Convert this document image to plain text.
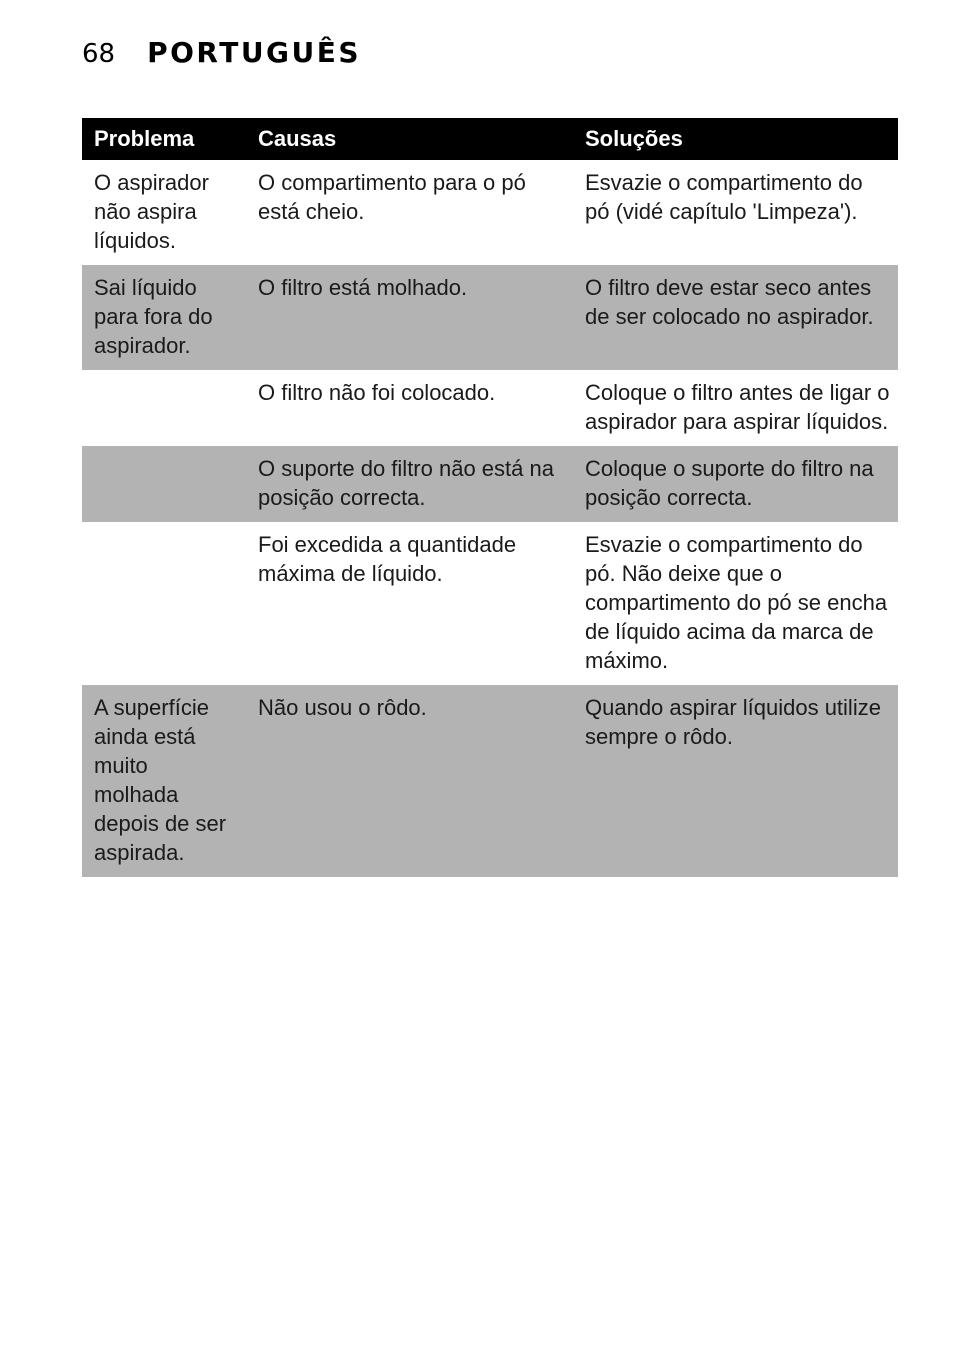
68 PORTUGUÊS
Problema	Causas	Soluções
O aspirador não aspira líquidos.	O compartimento para o pó está cheio.	Esvazie o compartimento do pó (vidé capítulo 'Limpeza').
Sai líquido para fora do aspirador.	O filtro está molhado.	O filtro deve estar seco antes de ser colocado no aspirador.
	O filtro não foi colocado.	Coloque o filtro antes de ligar o aspirador para aspirar líquidos.
	O suporte do filtro não está na posição correcta.	Coloque o suporte do filtro na posição correcta.
	Foi excedida a quantidade máxima de líquido.	Esvazie o compartimento do pó. Não deixe que o compartimento do pó se encha de líquido acima da marca de máximo.
A superfície ainda está muito molhada depois de ser aspirada.	Não usou o rôdo.	Quando aspirar líquidos utilize sempre o rôdo.
